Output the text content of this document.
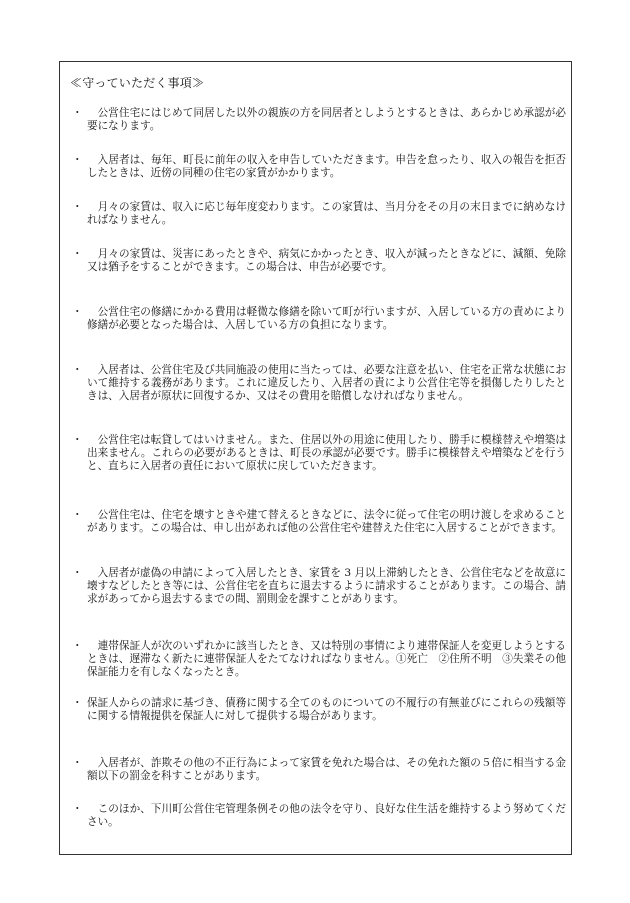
≪守っていただく事項≫
・ 　公営住宅にはじめて同居した以外の親族の方を同居者としようとするときは、あらかじめ承認が必要になります。
・ 　入居者は、毎年、町長に前年の収入を申告していただきます。申告を怠ったり、収入の報告を拒否したときは、近傍の同種の住宅の家賃がかかります。
・ 　月々の家賃は、収入に応じ毎年度変わります。この家賃は、当月分をその月の末日までに納めなければなりません。
・ 　月々の家賃は、災害にあったときや、病気にかかったとき、収入が減ったときなどに、減額、免除又は猶予をすることができます。この場合は、申告が必要です。
・ 　公営住宅の修繕にかかる費用は軽微な修繕を除いて町が行いますが、入居している方の責めにより修繕が必要となった場合は、入居している方の負担になります。
・ 　入居者は、公営住宅及び共同施設の使用に当たっては、必要な注意を払い、住宅を正常な状態において維持する義務があります。これに違反したり、入居者の責により公営住宅等を損傷したりしたときは、入居者が原状に回復するか、又はその費用を賠償しなければなりません。
・ 　公営住宅は転貸してはいけません。また、住居以外の用途に使用したり、勝手に模様替えや増築は出来ません。これらの必要があるときは、町長の承認が必要です。勝手に模様替えや増築などを行うと、直ちに入居者の責任において原状に戻していただきます。
・ 　公営住宅は、住宅を壊すときや建て替えるときなどに、法令に従って住宅の明け渡しを求めることがあります。この場合は、申し出があれば他の公営住宅や建替えた住宅に入居することができます。
・ 　入居者が虚偽の申請によって入居したとき、家賃を 3 月以上滞納したとき、公営住宅などを故意に壊すなどしたとき等には、公営住宅を直ちに退去するように請求することがあります。この場合、請求があってから退去するまでの間、罰則金を課すことがあります。
・ 　連帯保証人が次のいずれかに該当したとき、又は特別の事情により連帯保証人を変更しようとするときは、遅滞なく新たに連帯保証人をたてなければなりません。①死亡　②住所不明　③失業その他保証能力を有しなくなったとき。
・ 保証人からの請求に基づき、債務に関する全てのものについての不履行の有無並びにこれらの残額等に関する情報提供を保証人に対して提供する場合があります。
・ 　入居者が、詐欺その他の不正行為によって家賃を免れた場合は、その免れた額の５倍に相当する金額以下の罰金を科すことがあります。
・ 　このほか、下川町公営住宅管理条例その他の法令を守り、良好な住生活を維持するよう努めてください。
